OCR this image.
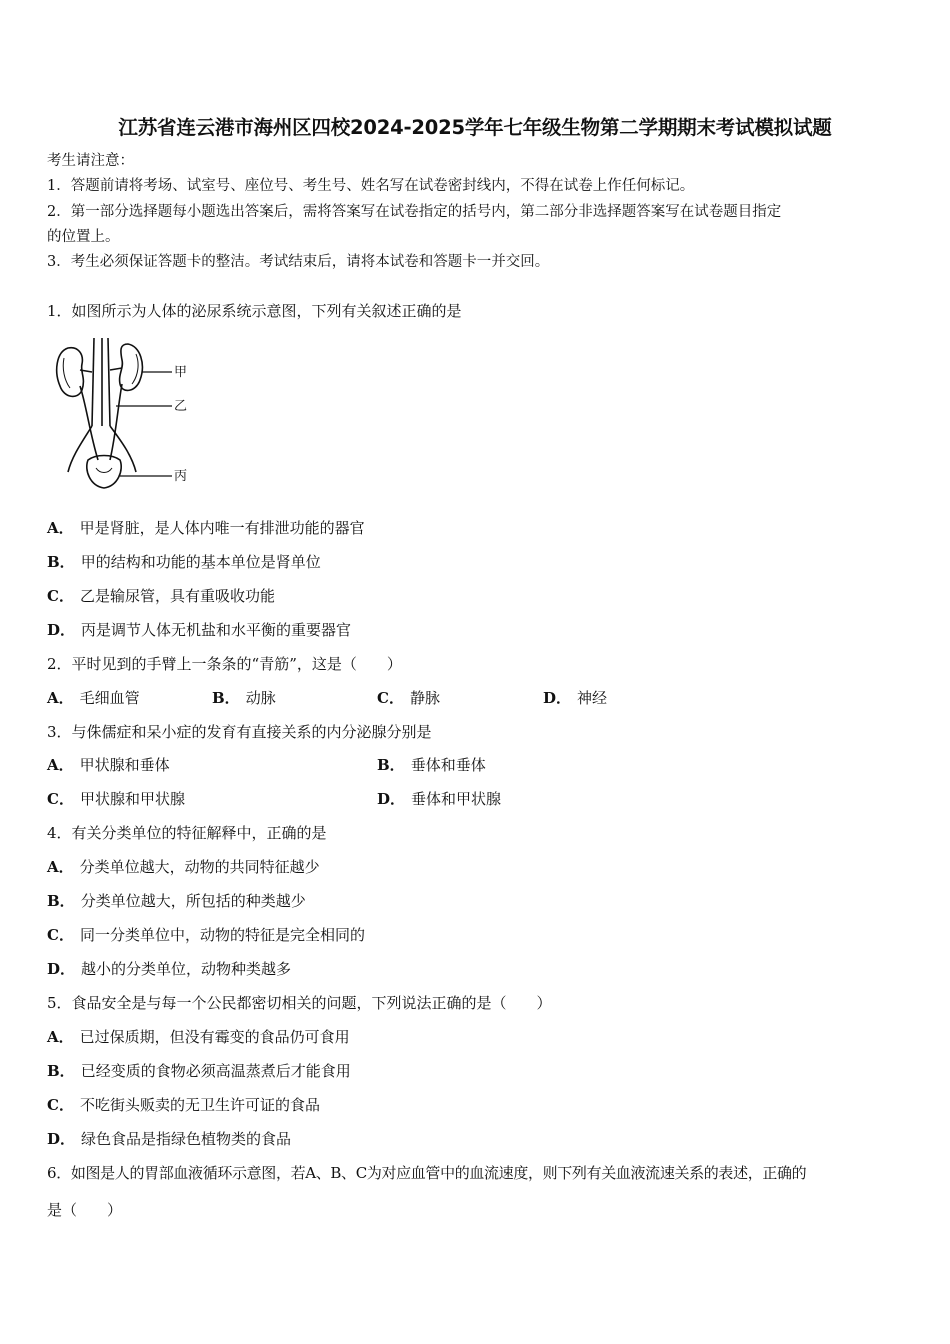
江苏省连云港市海州区四校2024-2025学年七年级生物第二学期期末考试模拟试题
考生请注意：
1．答题前请将考场、试室号、座位号、考生号、姓名写在试卷密封线内，不得在试卷上作任何标记。
2．第一部分选择题每小题选出答案后，需将答案写在试卷指定的括号内，第二部分非选择题答案写在试卷题目指定
的位置上。
3．考生必须保证答题卡的整洁。考试结束后，请将本试卷和答题卡一并交回。
1．如图所示为人体的泌尿系统示意图，下列有关叙述正确的是
甲
乙
丙
A． 甲是肾脏，是人体内唯一有排泄功能的器官
B． 甲的结构和功能的基本单位是肾单位
C． 乙是输尿管，具有重吸收功能
D． 丙是调节人体无机盐和水平衡的重要器官
2．平时见到的手臂上一条条的“青筋”，这是（　　）
A． 毛细血管	B． 动脉	C． 静脉	D． 神经
3．与侏儒症和呆小症的发育有直接关系的内分泌腺分别是
A． 甲状腺和垂体	B． 垂体和垂体
C． 甲状腺和甲状腺	D． 垂体和甲状腺
4．有关分类单位的特征解释中，正确的是
A． 分类单位越大，动物的共同特征越少
B． 分类单位越大，所包括的种类越少
C． 同一分类单位中，动物的特征是完全相同的
D． 越小的分类单位，动物种类越多
5．食品安全是与每一个公民都密切相关的问题，下列说法正确的是（　　）
A． 已过保质期，但没有霉变的食品仍可食用
B． 已经变质的食物必须高温蒸煮后才能食用
C． 不吃街头贩卖的无卫生许可证的食品
D． 绿色食品是指绿色植物类的食品
6．如图是人的胃部血液循环示意图，若A、B、C为对应血管中的血流速度，则下列有关血液流速关系的表述，正确的
是（　　）
